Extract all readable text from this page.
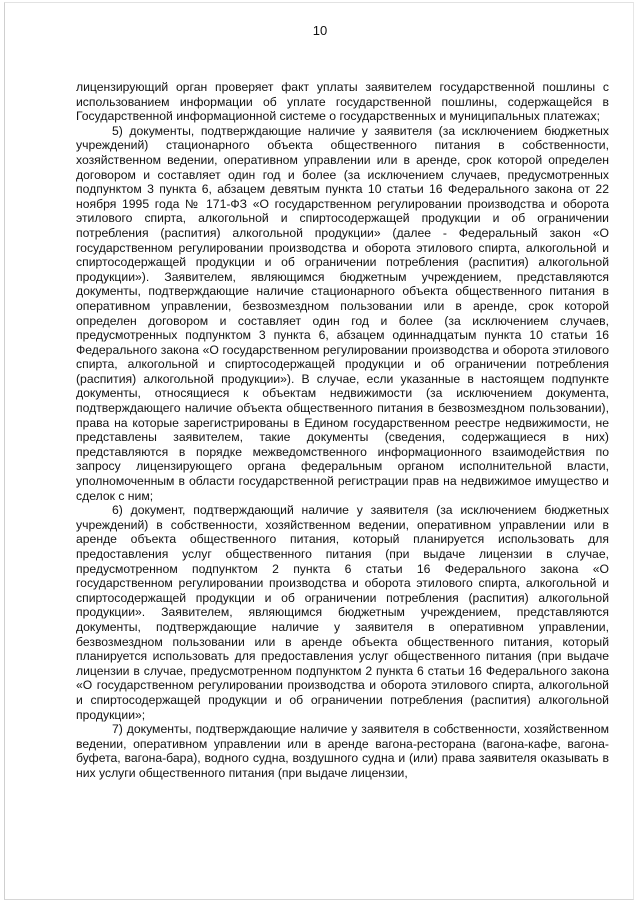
10

лицензирующий орган проверяет факт уплаты заявителем государственной пошлины с использованием информации об уплате государственной пошлины, содержащейся в Государственной информационной системе о государственных и муниципальных платежах;

5) документы, подтверждающие наличие у заявителя (за исключением бюджетных учреждений) стационарного объекта общественного питания в собственности, хозяйственном ведении, оперативном управлении или в аренде, срок которой определен договором и составляет один год и более (за исключением случаев, предусмотренных подпунктом 3 пункта 6, абзацем девятым пункта 10 статьи 16 Федерального закона от 22 ноября 1995 года № 171-ФЗ «О государственном регулировании производства и оборота этилового спирта, алкогольной и спиртосодержащей продукции и об ограничении потребления (распития) алкогольной продукции» (далее - Федеральный закон «О государственном регулировании производства и оборота этилового спирта, алкогольной и спиртосодержащей продукции и об ограничении потребления (распития) алкогольной продукции»). Заявителем, являющимся бюджетным учреждением, представляются документы, подтверждающие наличие стационарного объекта общественного питания в оперативном управлении, безвозмездном пользовании или в аренде, срок которой определен договором и составляет один год и более (за исключением случаев, предусмотренных подпунктом 3 пункта 6, абзацем одиннадцатым пункта 10 статьи 16 Федерального закона «О государственном регулировании производства и оборота этилового спирта, алкогольной и спиртосодержащей продукции и об ограничении потребления (распития) алкогольной продукции»). В случае, если указанные в настоящем подпункте документы, относящиеся к объектам недвижимости (за исключением документа, подтверждающего наличие объекта общественного питания в безвозмездном пользовании), права на которые зарегистрированы в Едином государственном реестре недвижимости, не представлены заявителем, такие документы (сведения, содержащиеся в них) представляются в порядке межведомственного информационного взаимодействия по запросу лицензирующего органа федеральным органом исполнительной власти, уполномоченным в области государственной регистрации прав на недвижимое имущество и сделок с ним;

6) документ, подтверждающий наличие у заявителя (за исключением бюджетных учреждений) в собственности, хозяйственном ведении, оперативном управлении или в аренде объекта общественного питания, который планируется использовать для предоставления услуг общественного питания (при выдаче лицензии в случае, предусмотренном подпунктом 2 пункта 6 статьи 16 Федерального закона «О государственном регулировании производства и оборота этилового спирта, алкогольной и спиртосодержащей продукции и об ограничении потребления (распития) алкогольной продукции». Заявителем, являющимся бюджетным учреждением, представляются документы, подтверждающие наличие у заявителя в оперативном управлении, безвозмездном пользовании или в аренде объекта общественного питания, который планируется использовать для предоставления услуг общественного питания (при выдаче лицензии в случае, предусмотренном подпунктом 2 пункта 6 статьи 16 Федерального закона «О государственном регулировании производства и оборота этилового спирта, алкогольной и спиртосодержащей продукции и об ограничении потребления (распития) алкогольной продукции»;

7) документы, подтверждающие наличие у заявителя в собственности, хозяйственном ведении, оперативном управлении или в аренде вагона-ресторана (вагона-кафе, вагона-буфета, вагона-бара), водного судна, воздушного судна и (или) права заявителя оказывать в них услуги общественного питания (при выдаче лицензии,
